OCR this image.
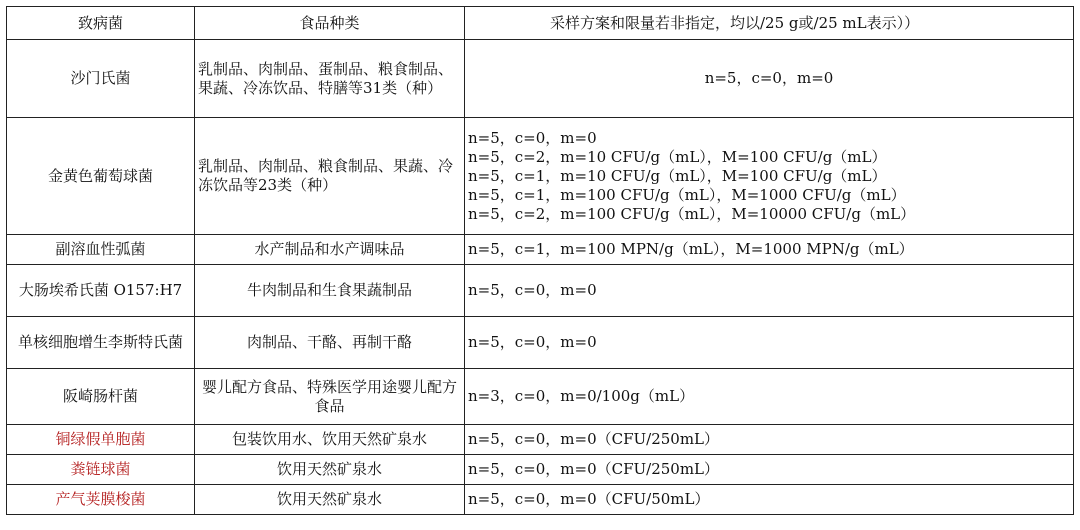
致病菌	食品种类	采样方案和限量若非指定，均以/25 g或/25 mL表示））
沙门氏菌	乳制品、肉制品、蛋制品、粮食制品、果蔬、冷冻饮品、特膳等31类（种）	n=5，c=0，m=0

金黄色葡萄球菌	乳制品、肉制品、粮食制品、果蔬、冷冻饮品等23类（种）	n=5，c=0，m=0
n=5，c=2，m=10 CFU/g（mL），M=100 CFU/g（mL）
n=5，c=1，m=10 CFU/g（mL），M=100 CFU/g（mL）
n=5，c=1，m=100 CFU/g（mL），M=1000 CFU/g（mL）
n=5，c=2，m=100 CFU/g（mL），M=10000 CFU/g（mL）

副溶血性弧菌	水产制品和水产调味品	n=5，c=1，m=100 MPN/g（mL），M=1000 MPN/g（mL）

大肠埃希氏菌 O157:H7	牛肉制品和生食果蔬制品	n=5，c=0，m=0

单核细胞增生李斯特氏菌	肉制品、干酪、再制干酪	n=5，c=0，m=0

阪崎肠杆菌	婴儿配方食品、特殊医学用途婴儿配方食品	n=3，c=0，m=0/100g（mL）

铜绿假单胞菌	包装饮用水、饮用天然矿泉水	n=5，c=0，m=0（CFU/250mL）

粪链球菌	饮用天然矿泉水	n=5，c=0，m=0（CFU/250mL）

产气荚膜梭菌	饮用天然矿泉水	n=5，c=0，m=0（CFU/50mL）
